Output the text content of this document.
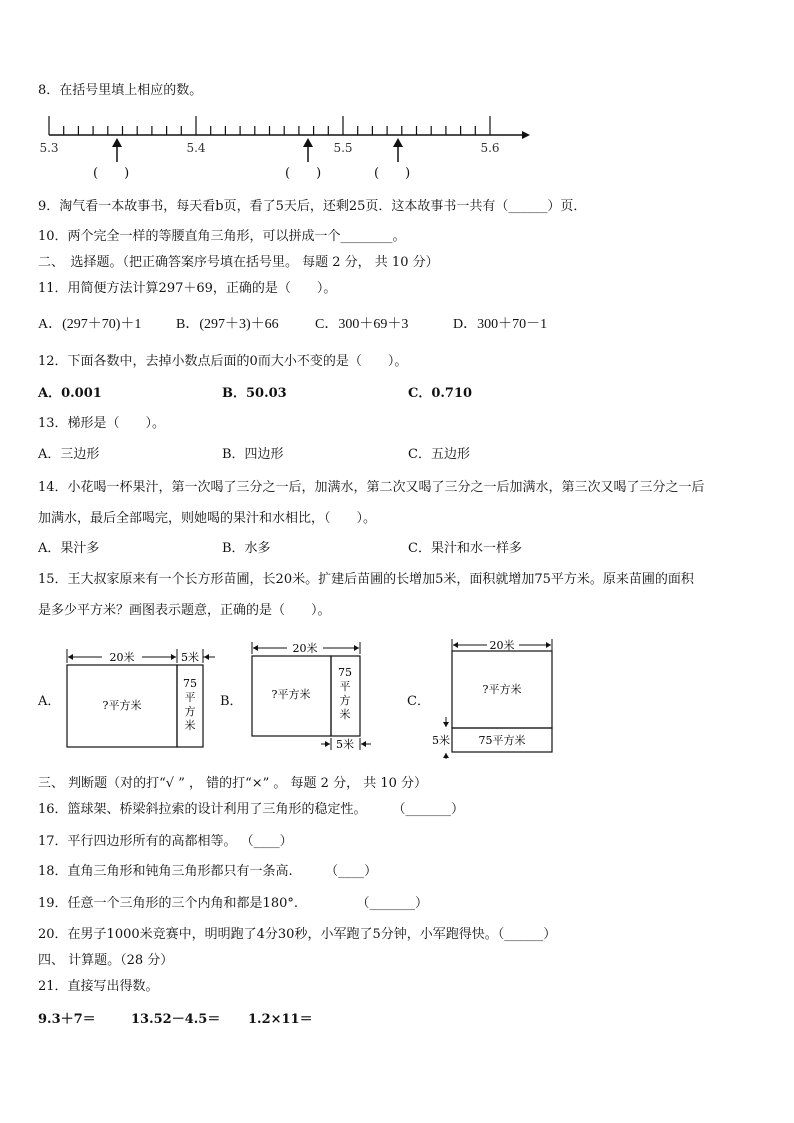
8．在括号里填上相应的数。
5.3	5.4	5.5	5.6
(　　)	(　　)	(　　)
9．淘气看一本故事书，每天看b页，看了5天后，还剩25页．这本故事书一共有（______）页．
10．两个完全一样的等腰直角三角形，可以拼成一个________。
二、　选择题。（把正确答案序号填在括号里。 每题 2 分， 共 10 分）
11．用简便方法计算297＋69，正确的是（　　）。
A．(297＋70)＋1 B．(297＋3)＋66	C．300＋69＋3	D．300＋70－1
12．下面各数中，去掉小数点后面的0而大小不变的是（　　）。
A．0.001	B．50.03	C．0.710
13．梯形是（　　）。
A．三边形	B．四边形	C．五边形
14．小花喝一杯果汁，第一次喝了三分之一后，加满水，第二次又喝了三分之一后加满水，第三次又喝了三分之一后
加满水，最后全部喝完，则她喝的果汁和水相比，（　　）。
A．果汁多	B．水多	C．果汁和水一样多
15．王大叔家原来有一个长方形苗圃，长20米。扩建后苗圃的长增加5米，面积就增加75平方米。原来苗圃的面积
是多少平方米？画图表示题意，正确的是（　　）。
A．	B．	C．
20米	5米
?平方米
75
平
方
米
20米
?平方米
75
平
方
米
5米
20米
?平方米
75平方米
5米
三、 判断题（对的打“√ ” ， 错的打“×” 。 每题 2 分， 共 10 分）
16．篮球架、桥梁斜拉索的设计利用了三角形的稳定性。　　　（_______）
17．平行四边形所有的高都相等。 （____）
18．直角三角形和钝角三角形都只有一条高.　　　（____）
19．任意一个三角形的三个内角和都是180°.　　　　　（_______）
20．在男子1000米竞赛中，明明跑了4分30秒，小军跑了5分钟，小军跑得快。（______）
四、 计算题。（28 分）
21．直接写出得数。
9.3＋7＝	13.52－4.5＝ 1.2×11＝
